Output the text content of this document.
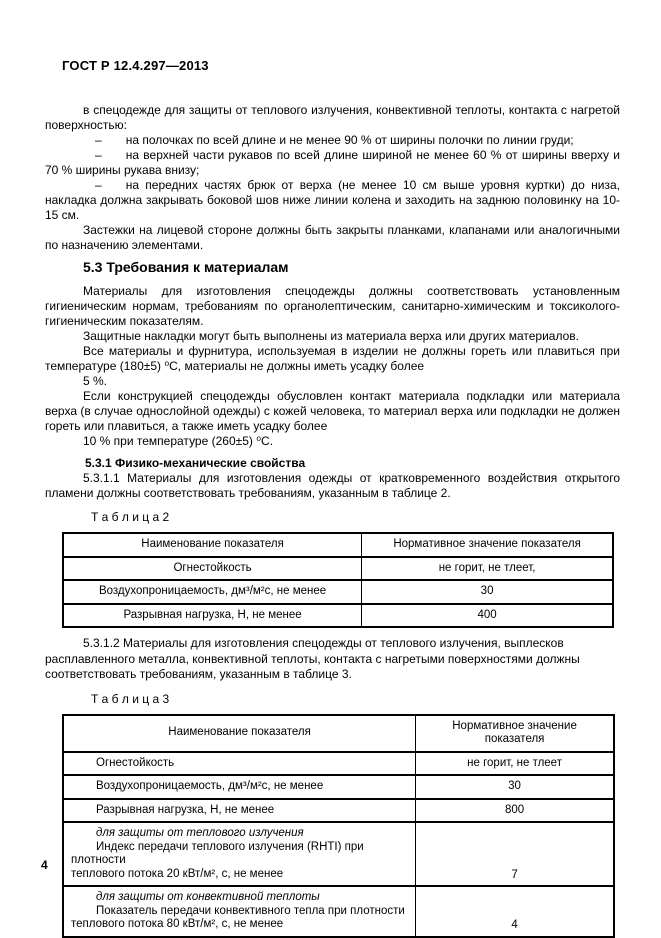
ГОСТ Р 12.4.297—2013

в спецодежде для защиты от теплового излучения, конвективной теплоты, контакта с нагретой поверхностью:

– на полочках по всей длине и не менее 90 % от ширины полочки по линии груди;

– на верхней части рукавов по всей длине шириной не менее 60 % от ширины вверху и 70 % ширины рукава внизу;

– на передних частях брюк от верха (не менее 10 см выше уровня куртки) до низа, накладка должна закрывать боковой шов ниже линии колена и заходить на заднюю половинку на 10-15 см.

Застежки на лицевой стороне должны быть закрыты планками, клапанами или аналогичными по назначению элементами.

5.3 Требования к материалам

Материалы для изготовления спецодежды должны соответствовать установленным гигиеническим нормам, требованиям по органолептическим, санитарно-химическим и токсиколого-гигиеническим показателям.

Защитные накладки могут быть выполнены из материала верха или других материалов.

Все материалы и фурнитура, используемая в изделии не должны гореть или плавиться при температуре (180±5) ⁰С, материалы не должны иметь усадку более

5 %.

Если конструкцией спецодежды обусловлен контакт материала подкладки или материала верха (в случае однослойной одежды) с кожей человека, то материал верха или подкладки не должен гореть или плавиться, а также иметь усадку более

10 % при температуре (260±5) ⁰С.

5.3.1 Физико-механические свойства

5.3.1.1 Материалы для изготовления одежды от кратковременного воздействия открытого пламени должны соответствовать требованиям, указанным в таблице 2.

Т а б л и ц а 2

Наименование показателя	Нормативное значение показателя
Огнестойкость	не горит, не тлеет,
Воздухопроницаемость, дм³/м²с, не менее	30
Разрывная нагрузка, Н, не менее	400

5.3.1.2 Материалы для изготовления спецодежды от теплового излучения, выплесков расплавленного металла, конвективной теплоты, контакта с нагретыми поверхностями должны соответствовать требованиям, указанным в таблице 3.

Т а б л и ц а 3

Наименование показателя	Нормативное значение показателя

Огнестойкость	не горит, не тлеет

Воздухопроницаемость, дм³/м²с, не менее	30

Разрывная нагрузка, Н, не менее	800

для защиты от теплового излучения
Индекс передачи теплового излучения (RHTI) при плотности
теплового потока 20 кВт/м², с, не менее	7

для защиты от конвективной теплоты
Показатель передачи конвективного тепла при плотности
теплового потока 80 кВт/м², с, не менее	4
4
